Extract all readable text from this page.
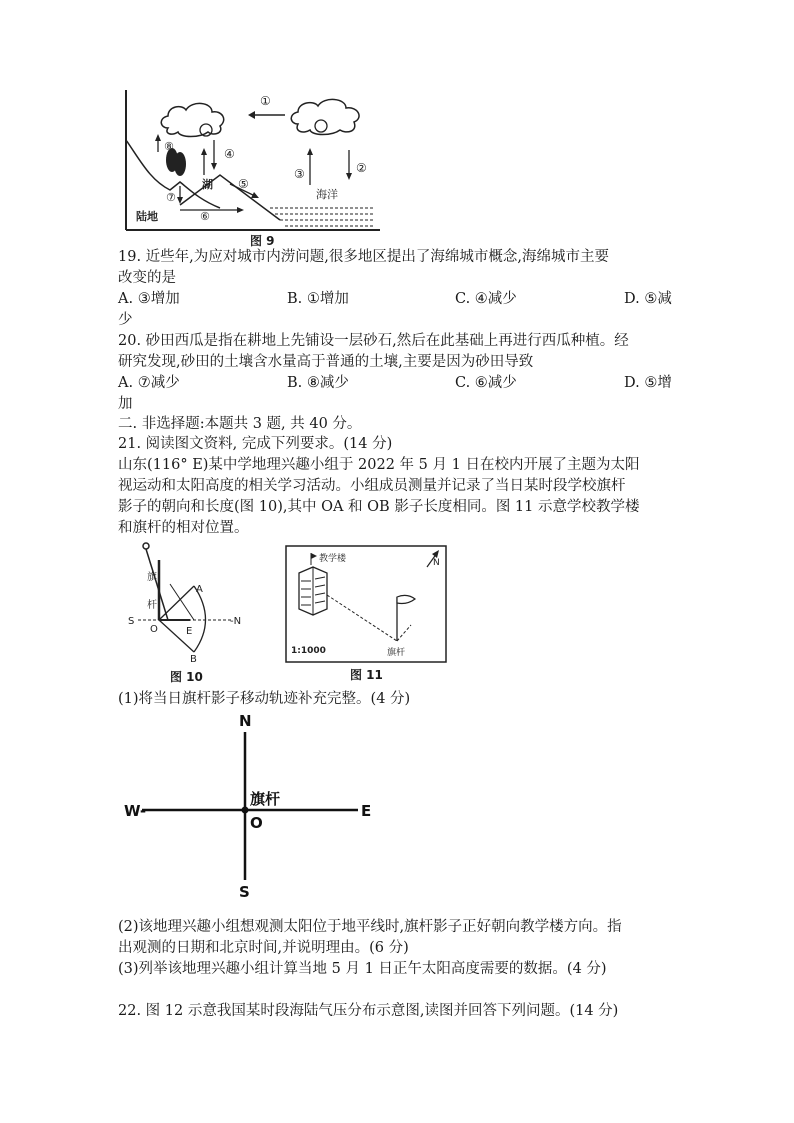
①
④
②
③
⑤
⑧
⑦
⑥
湖
海洋
陆地
图 9
19. 近些年,为应对城市内涝问题,很多地区提出了海绵城市概念,海绵城市主要
改变的是
A. ③增加	B. ①增加	C. ④减少	D. ⑤减
少
20. 砂田西瓜是指在耕地上先铺设一层砂石,然后在此基础上再进行西瓜种植。经
研究发现,砂田的土壤含水量高于普通的土壤,主要是因为砂田导致
A. ⑦减少	B. ⑧减少	C. ⑥减少	D. ⑤增
加
二. 非选择题:本题共 3 题, 共 40 分。
21. 阅读图文资料, 完成下列要求。(14 分)
山东(116° E)某中学地理兴趣小组于 2022 年 5 月 1 日在校内开展了主题为太阳
视运动和太阳高度的相关学习活动。小组成员测量并记录了当日某时段学校旗杆
影子的朝向和长度(图 10),其中 OA 和 OB 影子长度相同。图 11 示意学校教学楼
和旗杆的相对位置。
旗
杆
A
B
E
O
S	-N
图 10
教学楼	N
旗杆
1:1000
图 11
(1)将当日旗杆影子移动轨迹补充完整。(4 分)
N
S
W-	E
O
旗杆
(2)该地理兴趣小组想观测太阳位于地平线时,旗杆影子正好朝向教学楼方向。指
出观测的日期和北京时间,并说明理由。(6 分)
(3)列举该地理兴趣小组计算当地 5 月 1 日正午太阳高度需要的数据。(4 分)
22. 图 12 示意我国某时段海陆气压分布示意图,读图并回答下列问题。(14 分)
